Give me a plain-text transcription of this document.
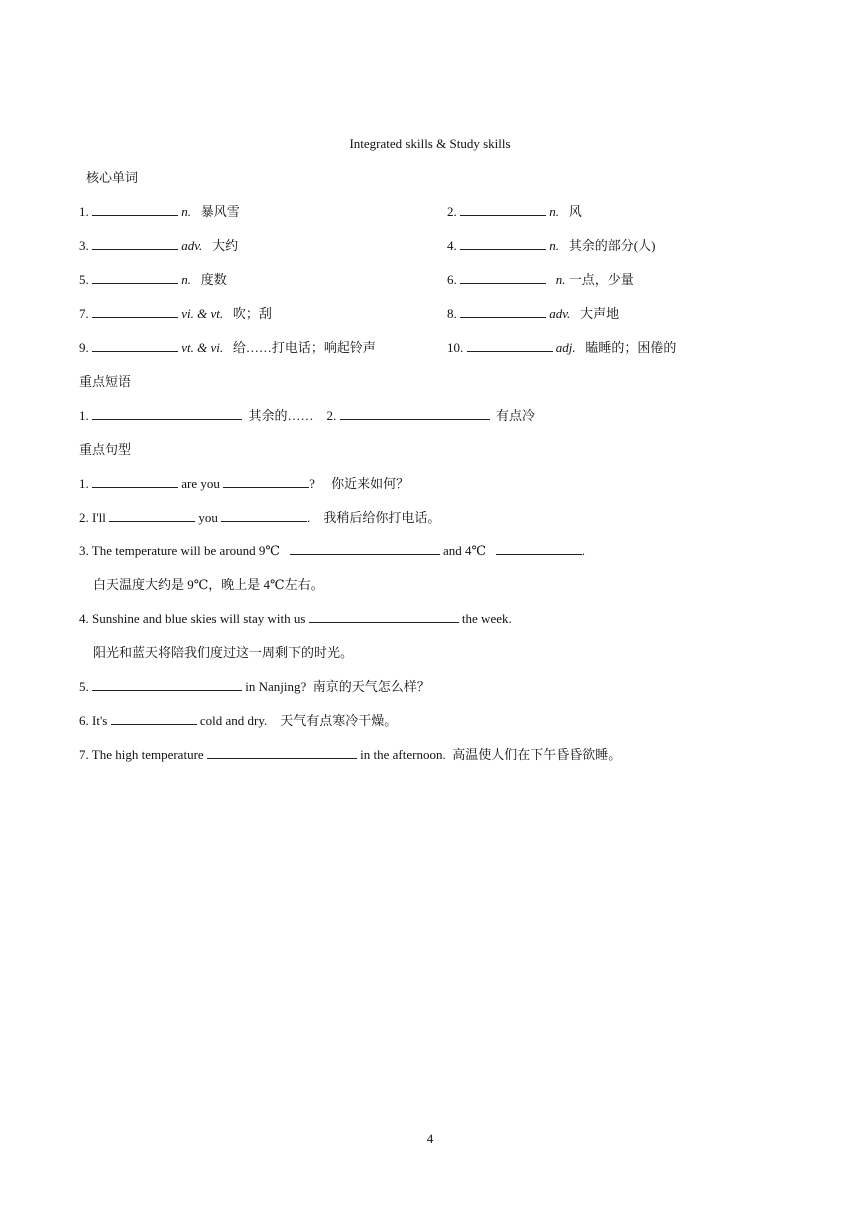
Integrated skills & Study skills
核心单词
1.	n. 暴风雪	2.	n. 风
3.	adv. 大约	4.	n. 其余的部分(人)
5.	n. 度数	6.	n. 一点，少量
7.	vi. & vt. 吹；刮	8.	adv. 大声地
9.	vt. & vi. 给……打电话；响起铃声	10.	adj. 瞌睡的；困倦的
重点短语
1.	其余的…… 2.	有点冷
重点句型
1.	are you	? 你近来如何？
2. I'll	you	. 我稍后给你打电话。
3. The temperature will be around 9℃	and 4℃	.
白天温度大约是 9℃，晚上是 4℃左右。
4. Sunshine and blue skies will stay with us	the week.
阳光和蓝天将陪我们度过这一周剩下的时光。
5.	in Nanjing? 南京的天气怎么样？
6. It's	cold and dry. 天气有点寒冷干燥。
7. The high temperature	in the afternoon. 高温使人们在下午昏昏欲睡。
4
